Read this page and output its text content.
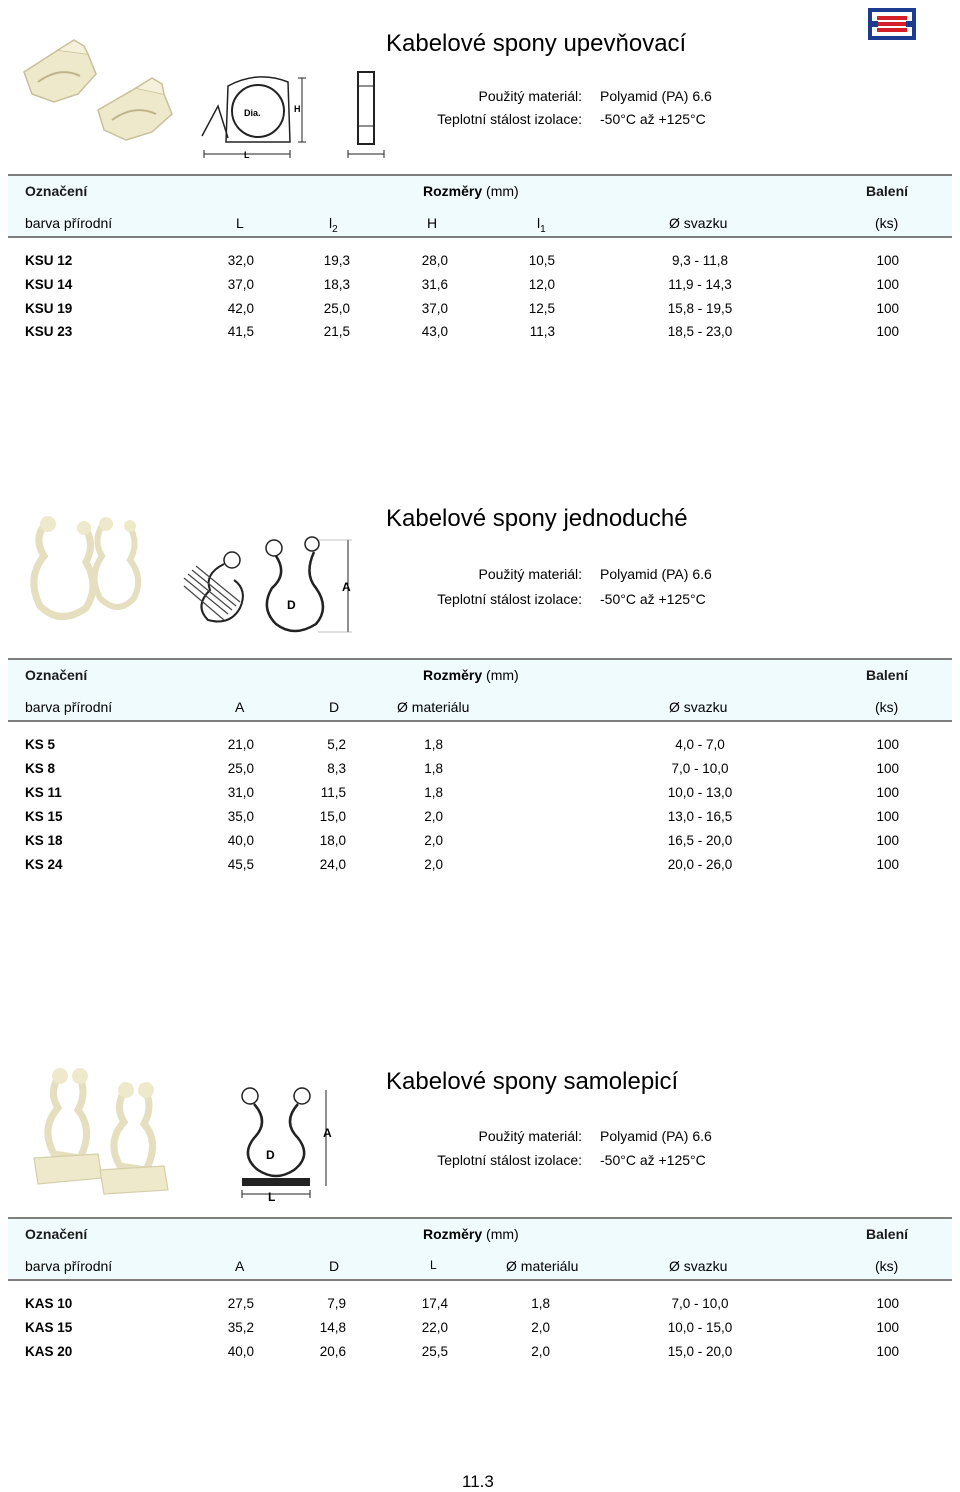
Dia.	H
L
Kabelové spony upevňovací
Použitý materiál: Polyamid (PA) 6.6
Teplotní stálost izolace: -50°C až +125°C
Označení	Rozměry (mm)	Balení
barva přírodní	L	$l_2$	H	$l_1$	Ø svazku	(ks)
KSU 12	32,0	19,3	28,0	10,5	9,3 - 11,8	100
KSU 14	37,0	18,3	31,6	12,0	11,9 - 14,3	100
KSU 19	42,0	25,0	37,0	12,5	15,8 - 19,5	100
KSU 23	41,5	21,5	43,0	11,3	18,5 - 23,0	100
A
D
Kabelové spony jednoduché
Použitý materiál: Polyamid (PA) 6.6
Teplotní stálost izolace: -50°C až +125°C
Označení	Rozměry (mm)	Balení
barva přírodní	A	D	Ø materiálu	Ø svazku	(ks)
KS 5	21,0	5,2	1,8	4,0 - 7,0	100
KS 8	25,0	8,3	1,8	7,0 - 10,0	100
KS 11	31,0	11,5	1,8	10,0 - 13,0	100
KS 15	35,0	15,0	2,0	13,0 - 16,5	100
KS 18	40,0	18,0	2,0	16,5 - 20,0	100
KS 24	45,5	24,0	2,0	20,0 - 26,0	100
A
D
L
Kabelové spony samolepicí
Použitý materiál: Polyamid (PA) 6.6
Teplotní stálost izolace: -50°C až +125°C
Označení	Rozměry (mm)	Balení
barva přírodní	A	D	L	Ø materiálu	Ø svazku	(ks)
KAS 10	27,5	7,9	17,4	1,8	7,0 - 10,0	100
KAS 15	35,2	14,8	22,0	2,0	10,0 - 15,0	100
KAS 20	40,0	20,6	25,5	2,0	15,0 - 20,0	100
11.3
